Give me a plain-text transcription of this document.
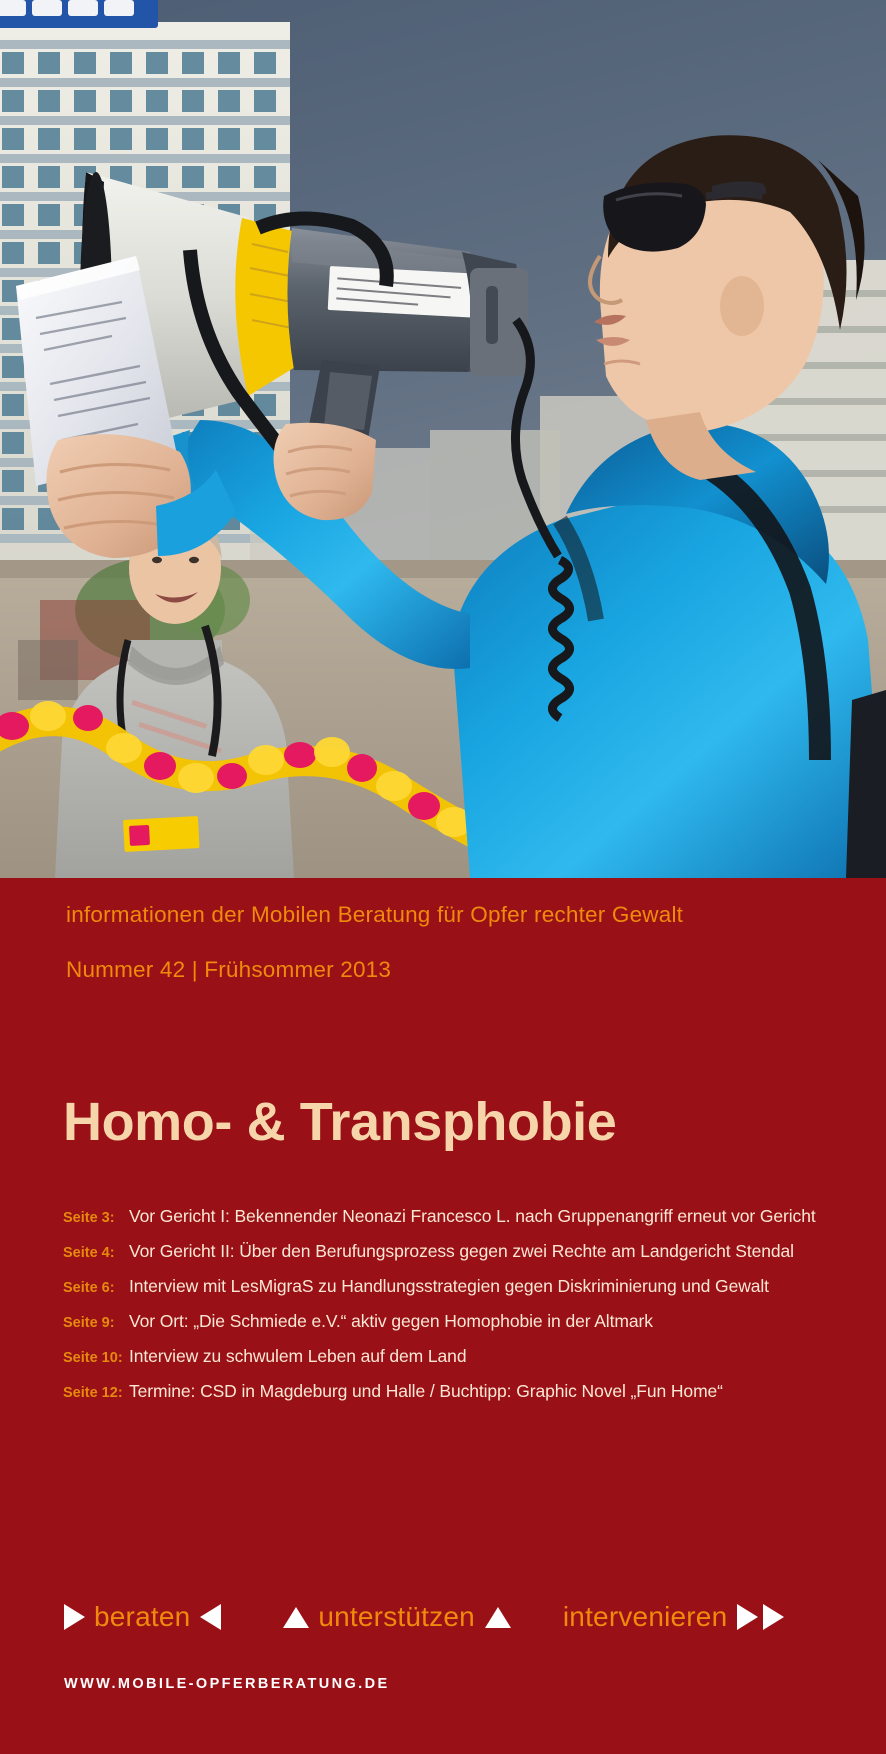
informationen der Mobilen Beratung für Opfer rechter Gewalt
Nummer 42 | Frühsommer 2013
Homo- & Transphobie
Seite 3: Vor Gericht I: Bekennender Neonazi Francesco L. nach Gruppenangriff erneut vor Gericht
Seite 4: Vor Gericht II: Über den Berufungsprozess gegen zwei Rechte am Landgericht Stendal
Seite 6: Interview mit LesMigraS zu Handlungsstrategien gegen Diskriminierung und Gewalt
Seite 9: Vor Ort: „Die Schmiede e.V.“ aktiv gegen Homophobie in der Altmark
Seite 10: Interview zu schwulem Leben auf dem Land
Seite 12: Termine: CSD in Magdeburg und Halle / Buchtipp: Graphic Novel „Fun Home“
beraten	unterstützen	intervenieren
WWW.MOBILE-OPFERBERATUNG.DE
